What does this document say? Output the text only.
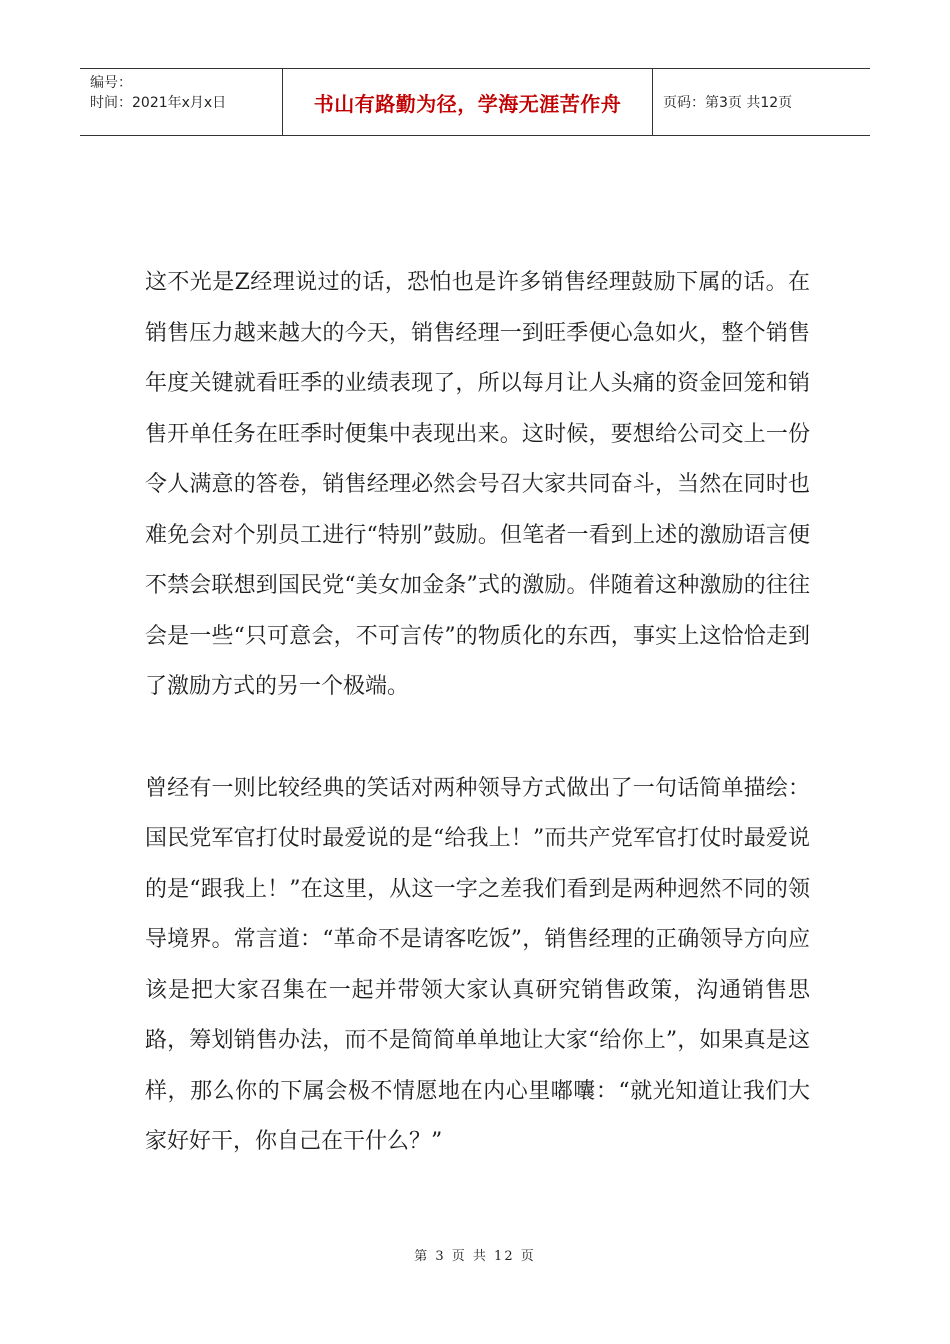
编号：
时间：2021年x月x日	书山有路勤为径，学海无涯苦作舟	页码：第3页 共12页

这不光是Z经理说过的话，恐怕也是许多销售经理鼓励下属的话。在销售压力越来越大的今天，销售经理一到旺季便心急如火，整个销售年度关键就看旺季的业绩表现了，所以每月让人头痛的资金回笼和销售开单任务在旺季时便集中表现出来。这时候，要想给公司交上一份令人满意的答卷，销售经理必然会号召大家共同奋斗，当然在同时也难免会对个别员工进行“特别”鼓励。但笔者一看到上述的激励语言便不禁会联想到国民党“美女加金条”式的激励。伴随着这种激励的往往会是一些“只可意会，不可言传”的物质化的东西，事实上这恰恰走到了激励方式的另一个极端。

曾经有一则比较经典的笑话对两种领导方式做出了一句话简单描绘：国民党军官打仗时最爱说的是“给我上！”而共产党军官打仗时最爱说的是“跟我上！”在这里，从这一字之差我们看到是两种迥然不同的领导境界。常言道：“革命不是请客吃饭”，销售经理的正确领导方向应该是把大家召集在一起并带领大家认真研究销售政策，沟通销售思路，筹划销售办法，而不是简简单单地让大家“给你上”，如果真是这样，那么你的下属会极不情愿地在内心里嘟囔：“就光知道让我们大家好好干，你自己在干什么？”

第 3 页 共 12 页
